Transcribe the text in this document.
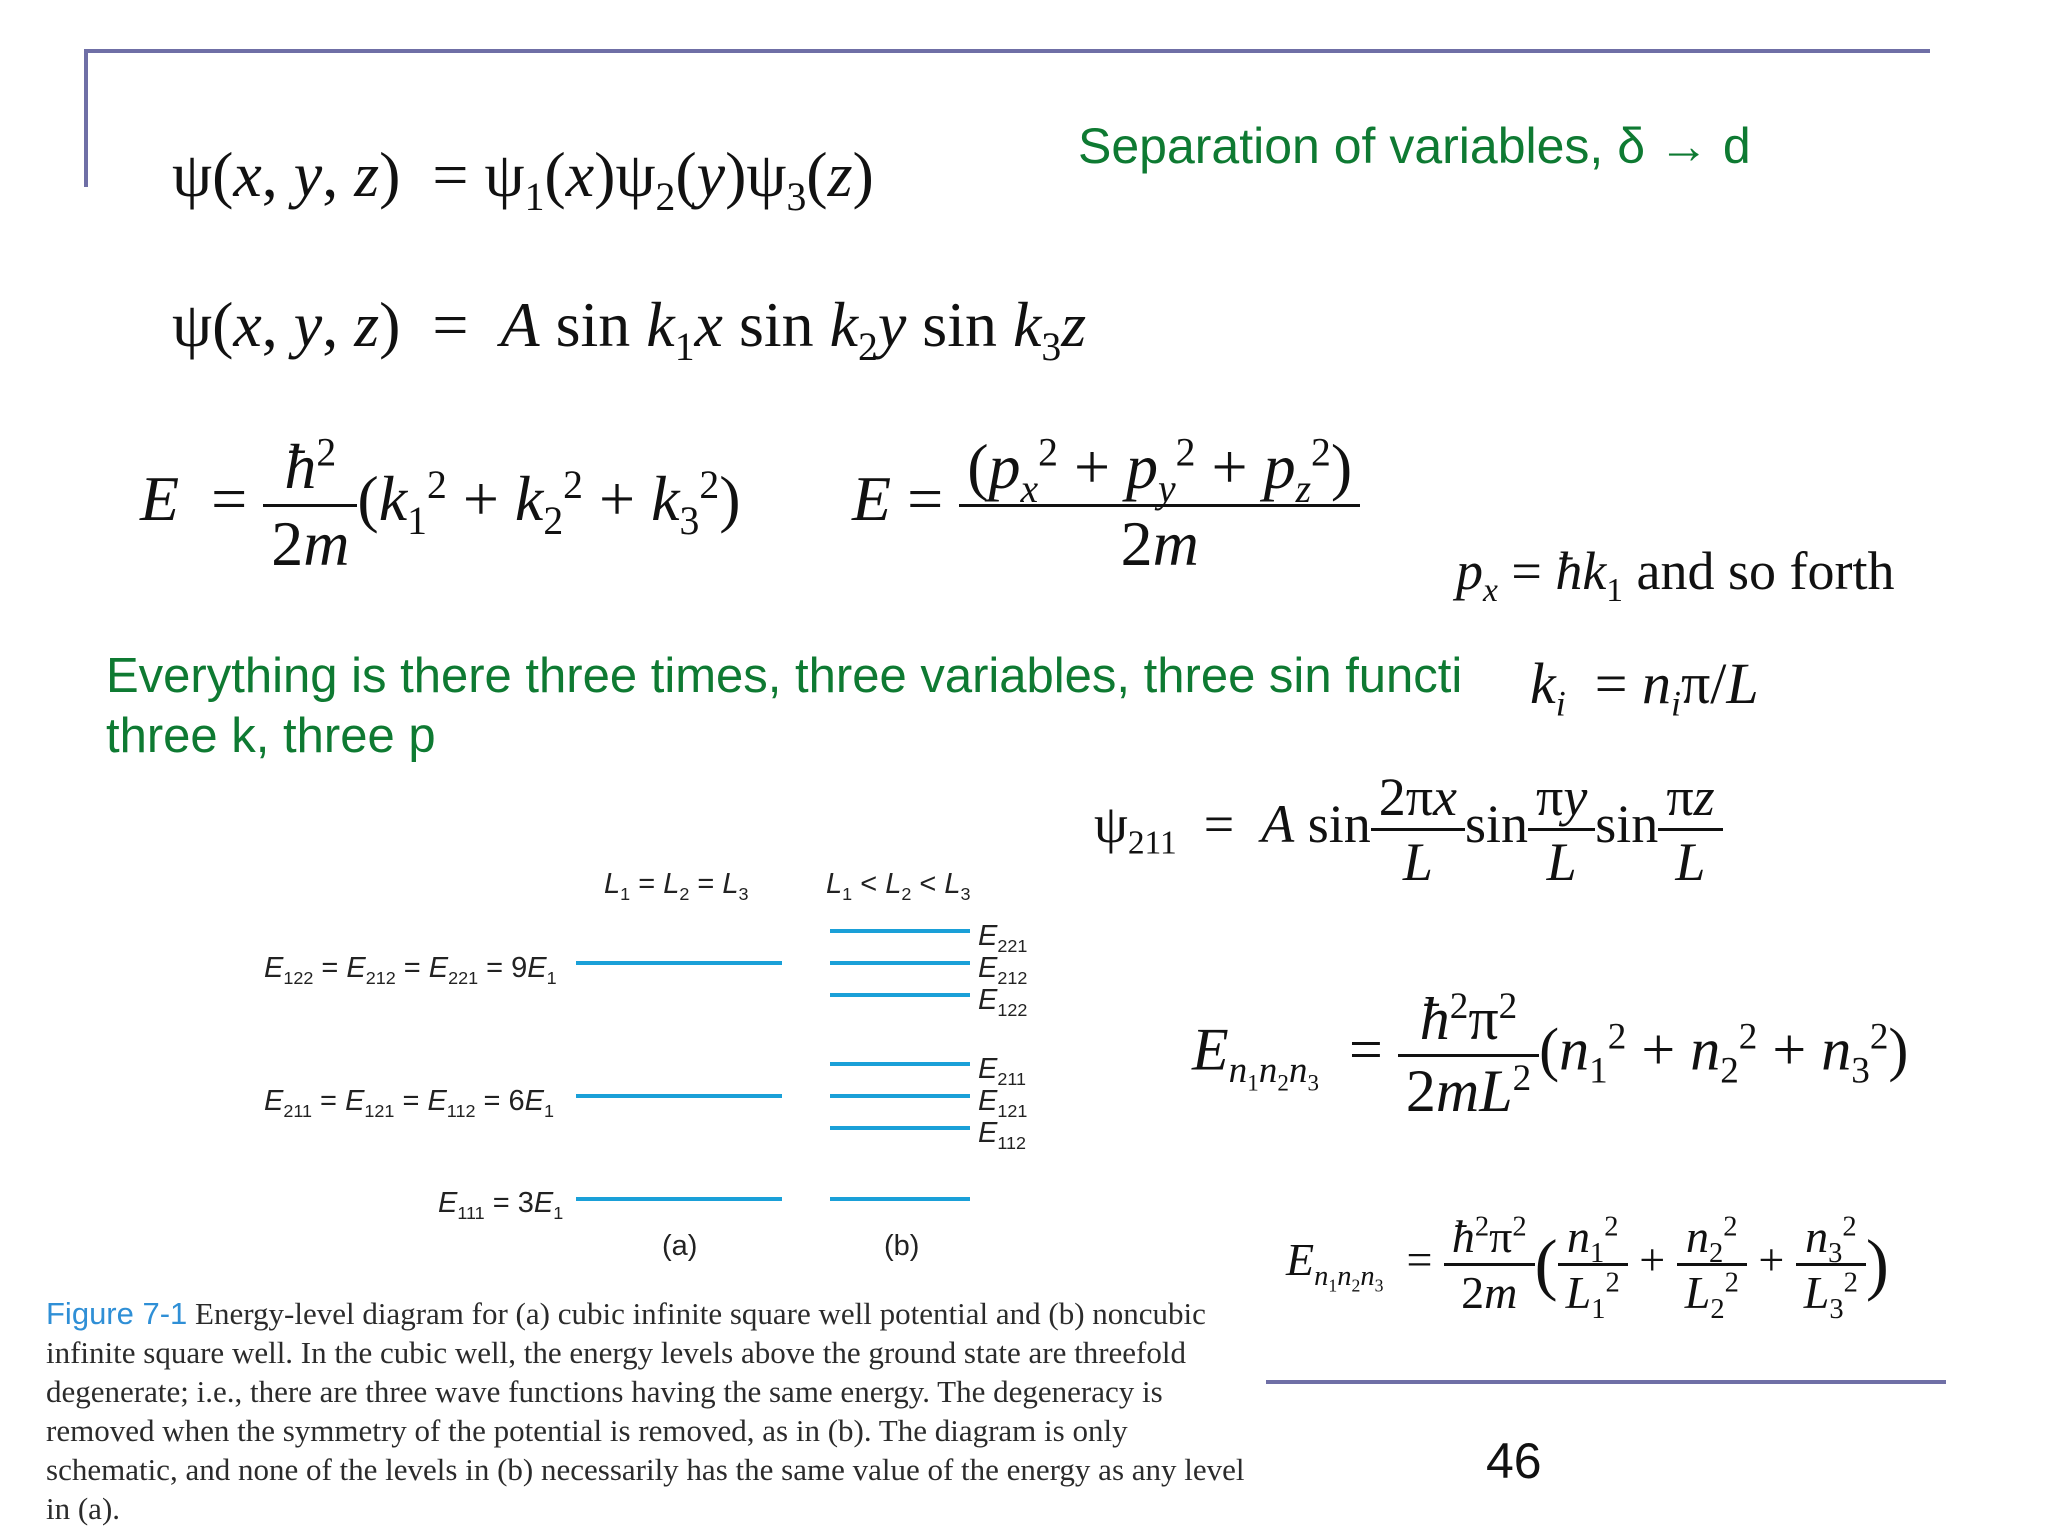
Separation of variables, δ → d
ψ(x, y, $z) = \psi_1(x)\psi_2(y)\psi_3(z)$
ψ(x, y, z)  =  A $\sin k_1x$ $\sin k_2y$ $\sin k_3z$
$E = \frac{ħ^2}{2m} (k_1^2 + k_2^2 + k_3^2) E = \frac{(p_x^2 + p_y^2 + p_z^2)}{2m} p_x$ = $ħk_1$ and so forth
Everything is there three times, three variables, three sin functi
three k, three p
$k_i = n_i\pi/L$
$\psi_{211} = A$ $\sin \frac{2\pi x}{L}$ $\sin \frac{\pi y}{L}$ $\sin \frac{\pi z}{L}$
$E_{n_1n_2n_3} = \frac{ħ^2\pi^2}{2mL^2} (n_1^2 + n_2^2 + n_3^2)$
$E_{n_1n_2n_3} = \frac{ħ^2\pi^2}{2m}$ ( $\frac{n_1^2}{L_1^2} + \frac{n_2^2}{L_2^2} + \frac{n_3^2}{L_3^2}$ )
$L_1 = L_2 = L_3$	$L_1 < L_2 < L_3$
$E_{122} = E_{212} = E_{221} = 9E_1$
$E_{211} = E_{121} = E_{112} = 6E_1$
$E_{111} = 3E_1$
$E_{221}$
$E_{212}$
$E_{122}$
$E_{211}$
$E_{121}$
$E_{112}$
(a)	(b)
Figure 7-1 Energy-level diagram for (a) cubic infinite square well potential and (b) noncubic infinite square well. In the cubic well, the energy levels above the ground state are threefold degenerate; i.e., there are three wave functions having the same energy. The degeneracy is removed when the symmetry of the potential is removed, as in (b). The diagram is only schematic, and none of the levels in (b) necessarily has the same value of the energy as any level in (a).
46
